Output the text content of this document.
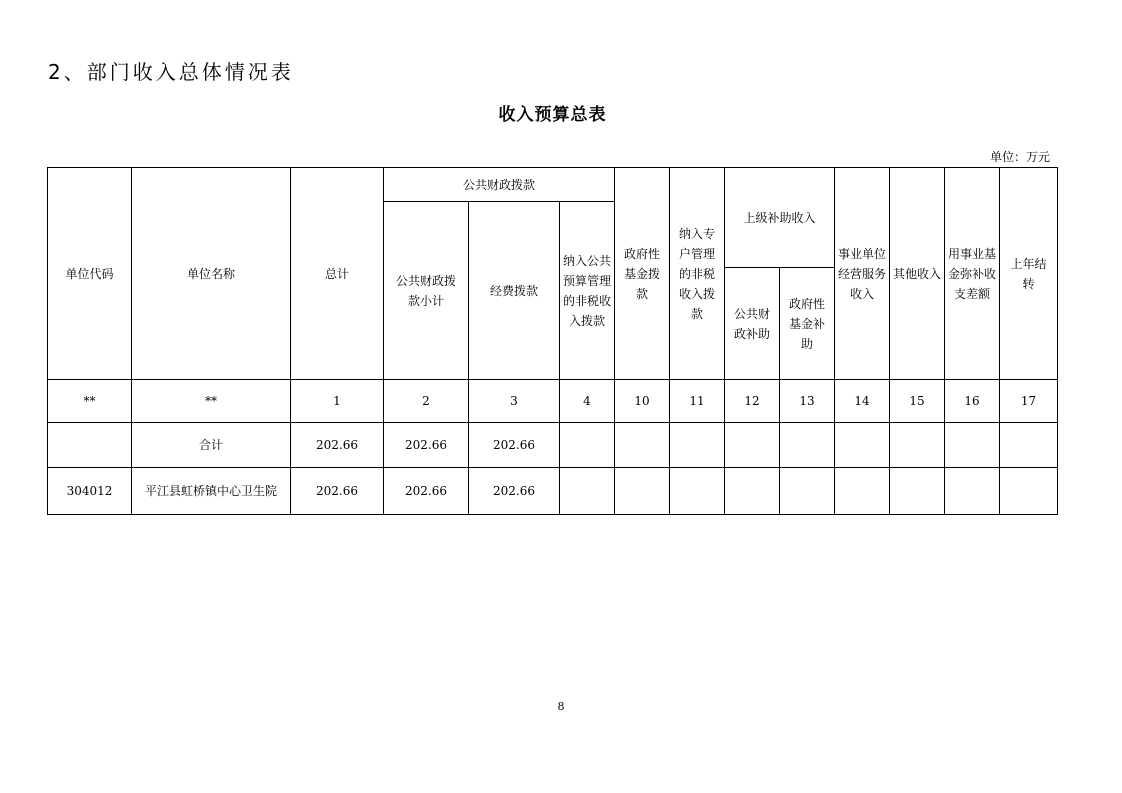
2、部门收入总体情况表
收入预算总表
单位：万元
单位代码	单位名称	总计	公共财政拨款			政府性基金拨款	纳入专户管理的非税收入拨款	上级补助收入		事业单位经营服务收入	其他收入	用事业基金弥补收支差额	上年结转
			公共财政拨款小计	经费拨款	纳入公共预算管理的非税收入拨款								
								公共财政补助	政府性基金补助				
**	**	1	2	3	4	10	11	12	13	14	15	16	17
	合计	202.66	202.66	202.66									
304012	平江县虹桥镇中心卫生院	202.66	202.66	202.66									
8
